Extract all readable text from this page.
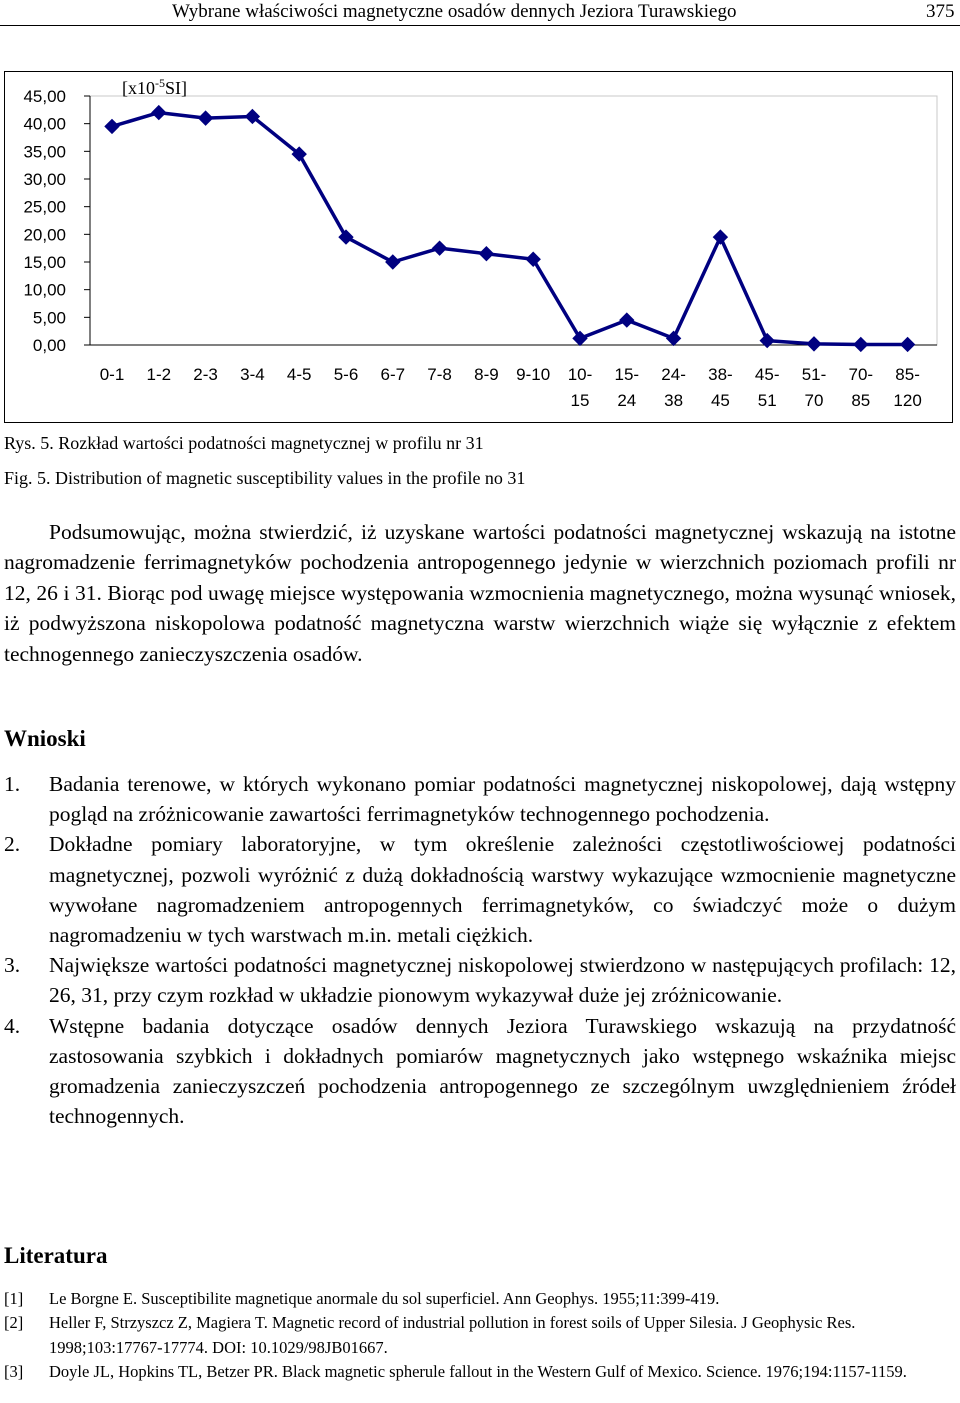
Wybrane właściwości magnetyczne osadów dennych Jeziora Turawskiego	375
45,00
40,00
35,00
30,00
25,00
20,00
15,00
10,00
5,00
0,00
$[x10^{-5}SI]$
0-1 1-2 2-3 3-4 4-5 5-6 6-7 7-8 8-9 9-10 10-
15
15-
24
24-
38
38-
45
45-
51
51-
70
70-
85
85-
120
Rys. 5. Rozkład wartości podatności magnetycznej w profilu nr 31
Fig. 5. Distribution of magnetic susceptibility values in the profile no 31

Podsumowując, można stwierdzić, iż uzyskane wartości podatności magnetycznej wskazują na istotne nagromadzenie ferrimagnetyków pochodzenia antropogennego jedynie w wierzchnich poziomach profili nr 12, 26 i 31. Biorąc pod uwagę miejsce występowania wzmocnienia magnetycznego, można wysunąć wniosek, iż podwyższona niskopolowa podatność magnetyczna warstw wierzchnich wiąże się wyłącznie z efektem technogennego zanieczyszczenia osadów.

Wnioski
1. Badania terenowe, w których wykonano pomiar podatności magnetycznej niskopolowej, dają wstępny pogląd na zróżnicowanie zawartości ferrimagnetyków technogennego pochodzenia.
2. Dokładne pomiary laboratoryjne, w tym określenie zależności częstotliwościowej podatności magnetycznej, pozwoli wyróżnić z dużą dokładnością warstwy wykazujące wzmocnienie magnetyczne wywołane nagromadzeniem antropogennych ferrimagnetyków, co świadczyć może o dużym nagromadzeniu w tych warstwach m.in. metali ciężkich.
3. Największe wartości podatności magnetycznej niskopolowej stwierdzono w następujących profilach: 12, 26, 31, przy czym rozkład w układzie pionowym wykazywał duże jej zróżnicowanie.
4. Wstępne badania dotyczące osadów dennych Jeziora Turawskiego wskazują na przydatność zastosowania szybkich i dokładnych pomiarów magnetycznych jako wstępnego wskaźnika miejsc gromadzenia zanieczyszczeń pochodzenia antropogennego ze szczególnym uwzględnieniem źródeł technogennych.
Literatura
[1] Le Borgne E. Susceptibilite magnetique anormale du sol superficiel. Ann Geophys. 1955;11:399-419.
[2] Heller F, Strzyszcz Z, Magiera T. Magnetic record of industrial pollution in forest soils of Upper Silesia. J Geophysic Res. 1998;103:17767-17774. DOI: 10.1029/98JB01667.
[3] Doyle JL, Hopkins TL, Betzer PR. Black magnetic spherule fallout in the Western Gulf of Mexico. Science. 1976;194:1157-1159.
